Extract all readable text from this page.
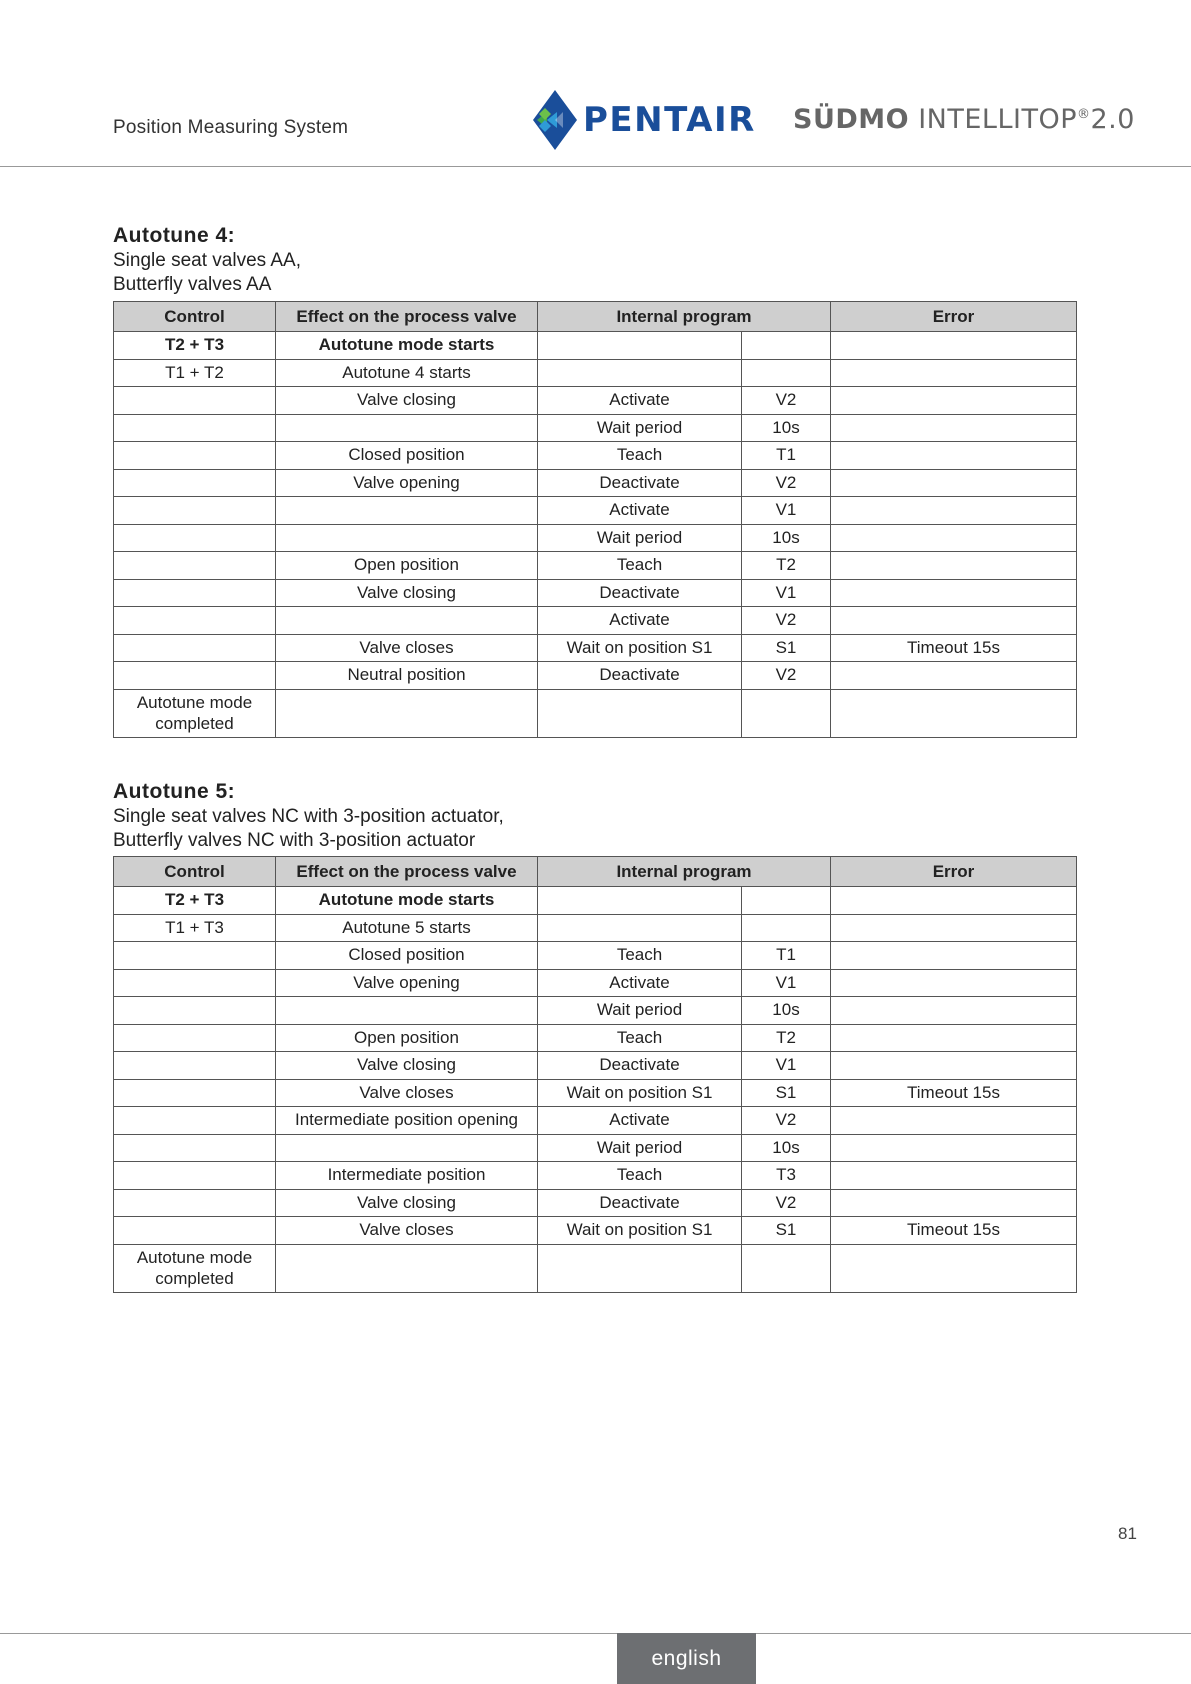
Position Measuring System	PENTAIR SÜDMO INTELLITOP®2.0
Autotune 4:
Single seat valves AA,
Butterfly valves AA
Control	Effect on the process valve	Internal program		Error
T2 + T3	Autotune mode starts			
T1 + T2	Autotune 4 starts			
	Valve closing	Activate	V2	
		Wait period	10s	
	Closed position	Teach	T1	
	Valve opening	Deactivate	V2	
		Activate	V1	
		Wait period	10s	
	Open position	Teach	T2	
	Valve closing	Deactivate	V1	
		Activate	V2	
	Valve closes	Wait on position S1	S1	Timeout 15s
	Neutral position	Deactivate	V2	
Autotune mode
completed				
Autotune 5:
Single seat valves NC with 3-position actuator,
Butterfly valves NC with 3-position actuator
Control	Effect on the process valve	Internal program		Error
T2 + T3	Autotune mode starts			
T1 + T3	Autotune 5 starts			
	Closed position	Teach	T1	
	Valve opening	Activate	V1	
		Wait period	10s	
	Open position	Teach	T2	
	Valve closing	Deactivate	V1	
	Valve closes	Wait on position S1	S1	Timeout 15s
	Intermediate position opening	Activate	V2	
		Wait period	10s	
	Intermediate position	Teach	T3	
	Valve closing	Deactivate	V2	
	Valve closes	Wait on position S1	S1	Timeout 15s
Autotune mode
completed				
81
english
